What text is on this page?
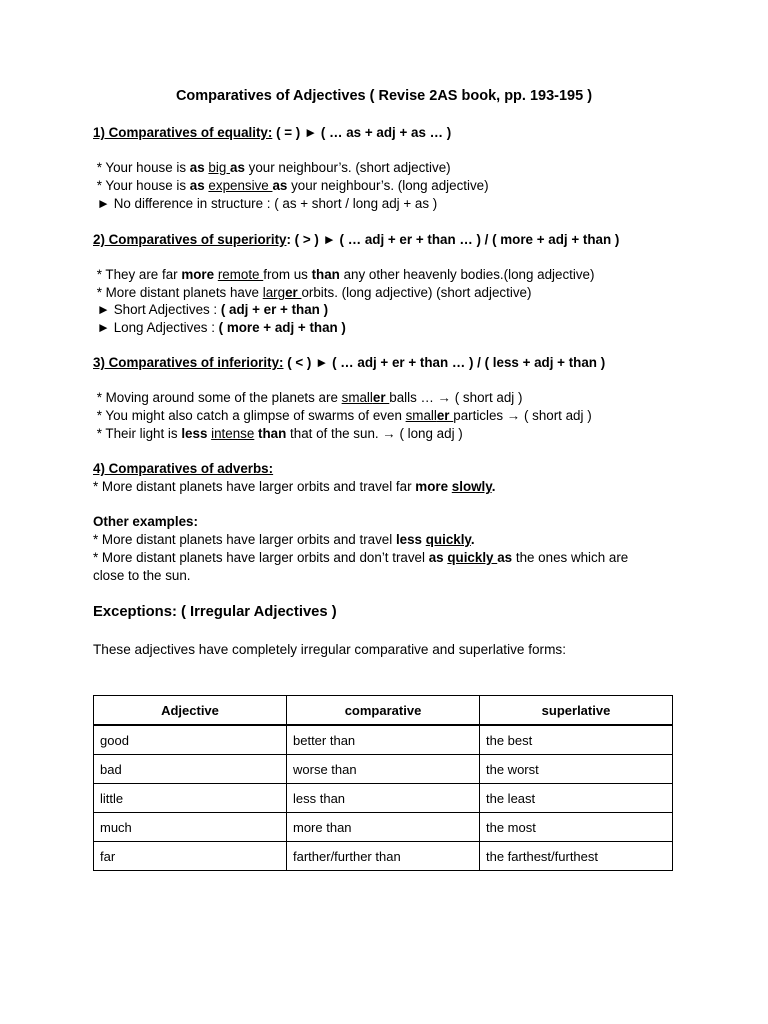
Comparatives of Adjectives ( Revise 2AS book, pp. 193-195 )
1) Comparatives of equality: ( = ) ► ( … as + adj + as … )
* Your house is as big as your neighbour’s. (short adjective)
* Your house is as expensive as your neighbour’s. (long adjective)
► No difference in structure : ( as + short / long adj + as )
2) Comparatives of superiority: ( > ) ► ( … adj + er + than … ) / ( more + adj + than )
* They are far more remote from us than any other heavenly bodies.(long adjective)
* More distant planets have larger orbits. (long adjective) (short adjective)
► Short Adjectives : ( adj + er + than )
► Long Adjectives : ( more + adj + than )
3) Comparatives of inferiority: ( < ) ► ( … adj + er + than … ) / ( less + adj + than )
* Moving around some of the planets are smaller balls … → ( short adj )
* You might also catch a glimpse of swarms of even smaller particles → ( short adj )
* Their light is less intense than that of the sun. → ( long adj )
4) Comparatives of adverbs:
* More distant planets have larger orbits and travel far more slowly.
Other examples:
* More distant planets have larger orbits and travel less quickly.
* More distant planets have larger orbits and don’t travel as quickly as the ones which are
close to the sun.
Exceptions: ( Irregular Adjectives )
These adjectives have completely irregular comparative and superlative forms:
Adjective	comparative	superlative
good	better than	the best
bad	worse than	the worst
little	less than	the least
much	more than	the most
far	farther/further than	the farthest/furthest
